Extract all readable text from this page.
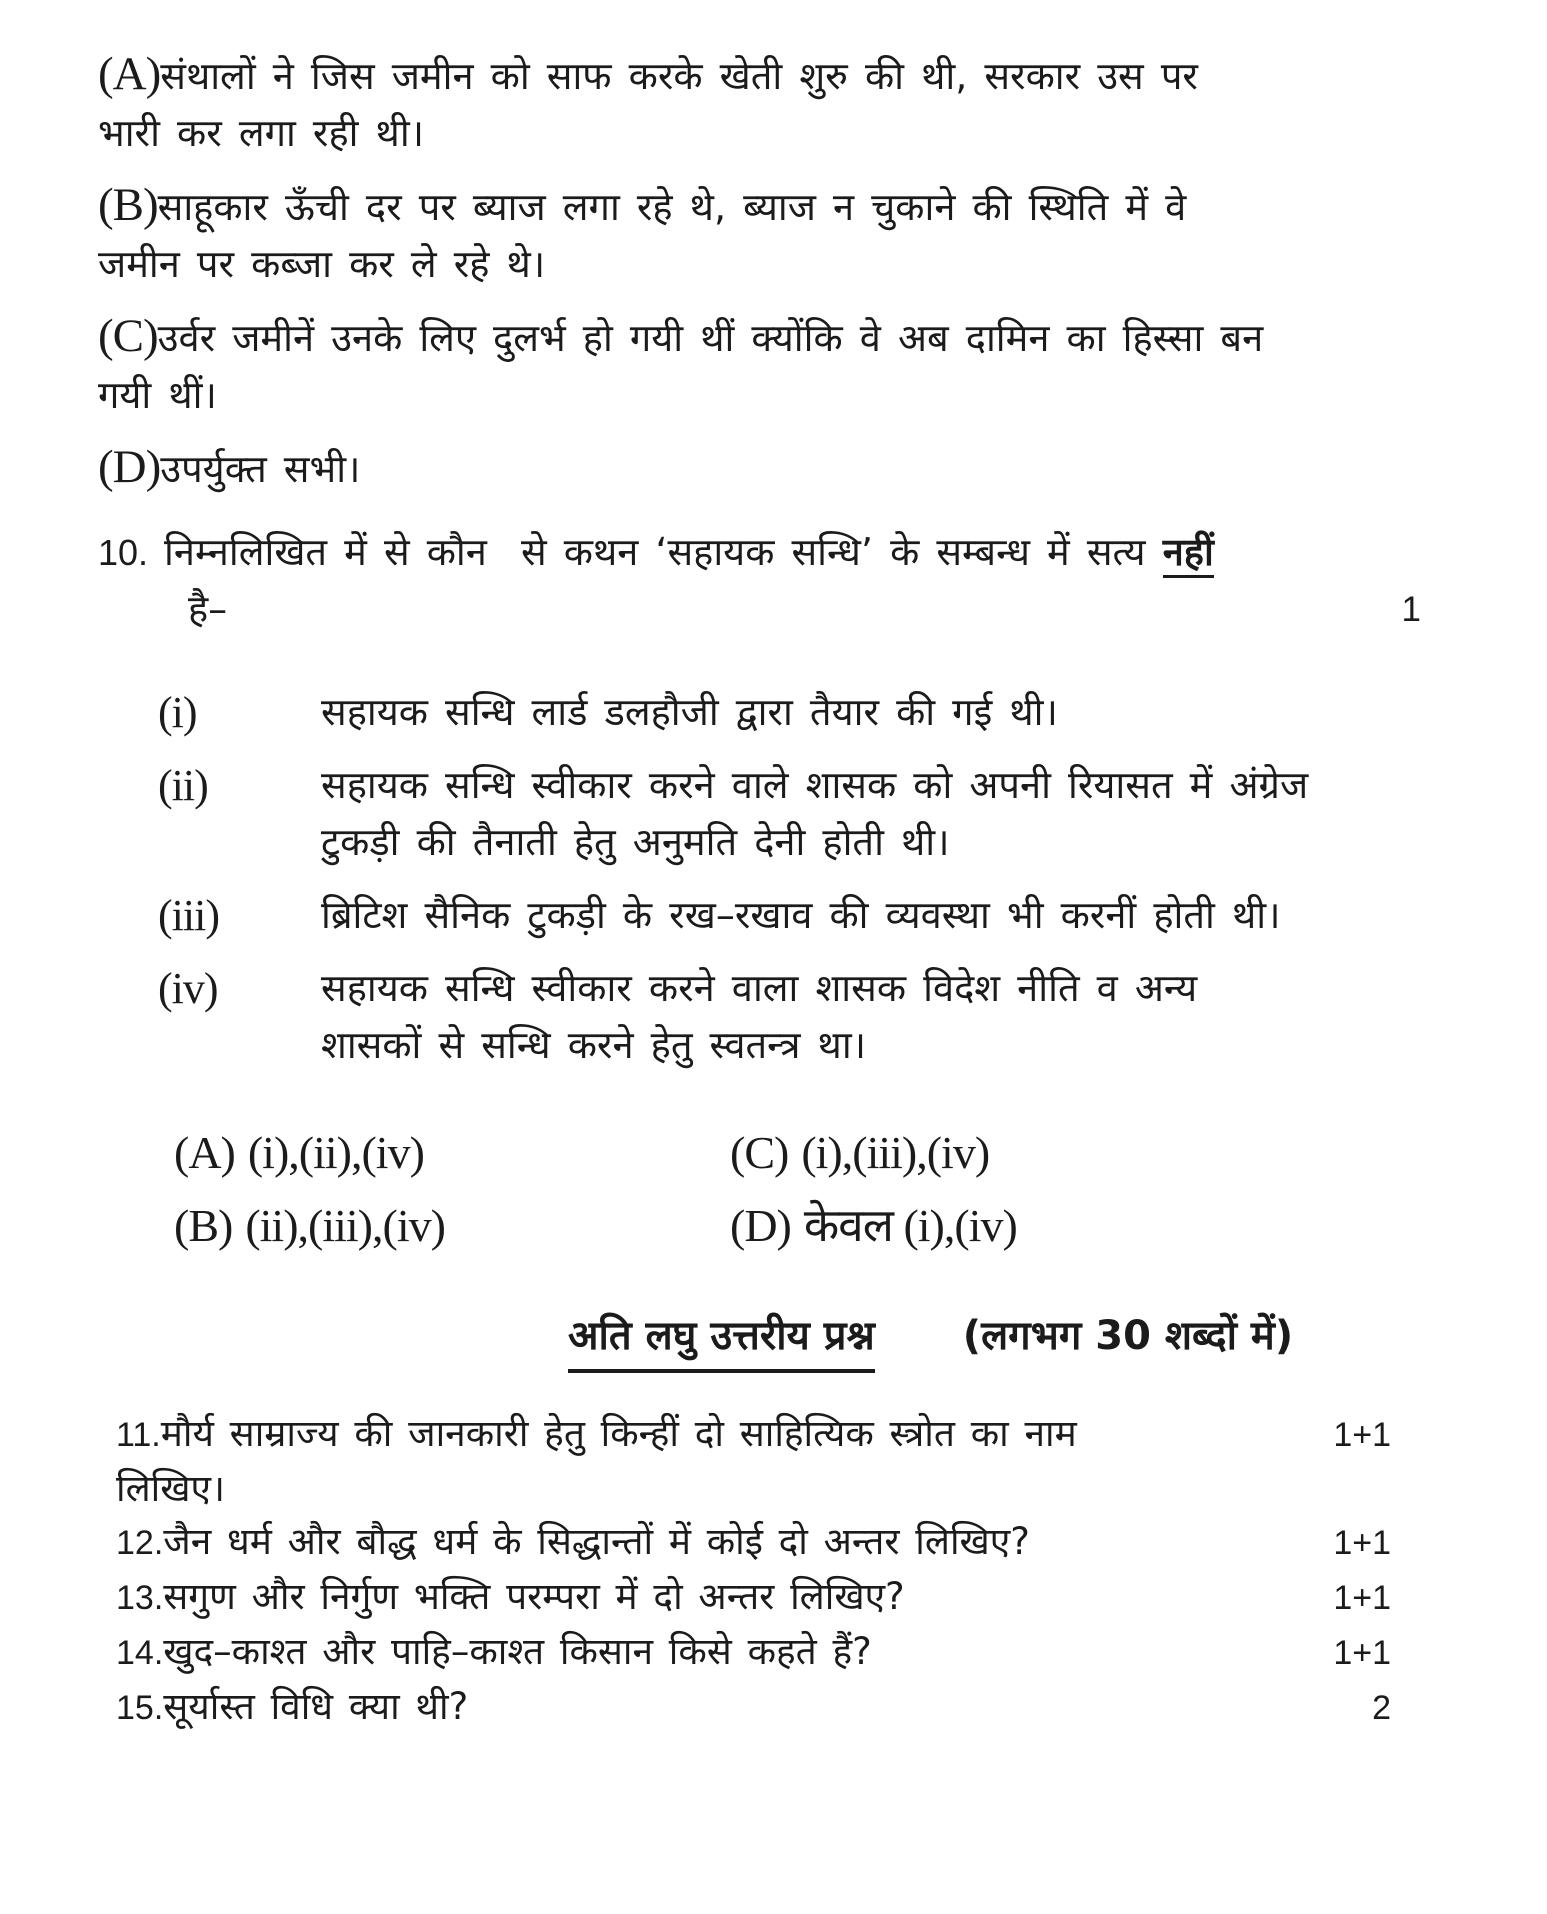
(A)संथालों ने जिस जमीन को साफ करके खेती शुरु की थी, सरकार उस पर
भारी कर लगा रही थी।
(B)साहूकार ऊँची दर पर ब्याज लगा रहे थे, ब्याज न चुकाने की स्थिति में वे
जमीन पर कब्जा कर ले रहे थे।
(C)उर्वर जमीनें उनके लिए दुलर्भ हो गयी थीं क्योंकि वे अब दामिन का हिस्सा बन
गयी थीं।
(D)उपर्युक्त सभी।
10. निम्नलिखित में से कौन  से कथन ‘सहायक सन्धि’ के सम्बन्ध में सत्य नहीं
है–	1
(i)	सहायक सन्धि लार्ड डलहौजी द्वारा तैयार की गई थी।
(ii)	सहायक सन्धि स्वीकार करने वाले शासक को अपनी रियासत में अंग्रेज
टुकड़ी की तैनाती हेतु अनुमति देनी होती थी।
(iii)	ब्रिटिश सैनिक टुकड़ी के रख–रखाव की व्यवस्था भी करनीं होती थी।
(iv)	सहायक सन्धि स्वीकार करने वाला शासक विदेश नीति व अन्य
शासकों से सन्धि करने हेतु स्वतन्त्र था।
(A) (i),(ii),(iv)	(C) (i),(iii),(iv)
(B) (ii),(iii),(iv)	(D) केवल (i),(iv)
अति लघु उत्तरीय प्रश्न (लगभग 30 शब्दों में)
11. मौर्य साम्राज्य की जानकारी हेतु किन्हीं दो साहित्यिक स्त्रोत का नाम	1+1
लिखिए।
12. जैन धर्म और बौद्ध धर्म के सिद्धान्तों में कोई दो अन्तर लिखिए?	1+1
13. सगुण और निर्गुण भक्ति परम्परा में दो अन्तर लिखिए?	1+1
14. खुद–काश्त और पाहि–काश्त किसान किसे कहते हैं?	1+1
15. सूर्यास्त विधि क्या थी?	2
